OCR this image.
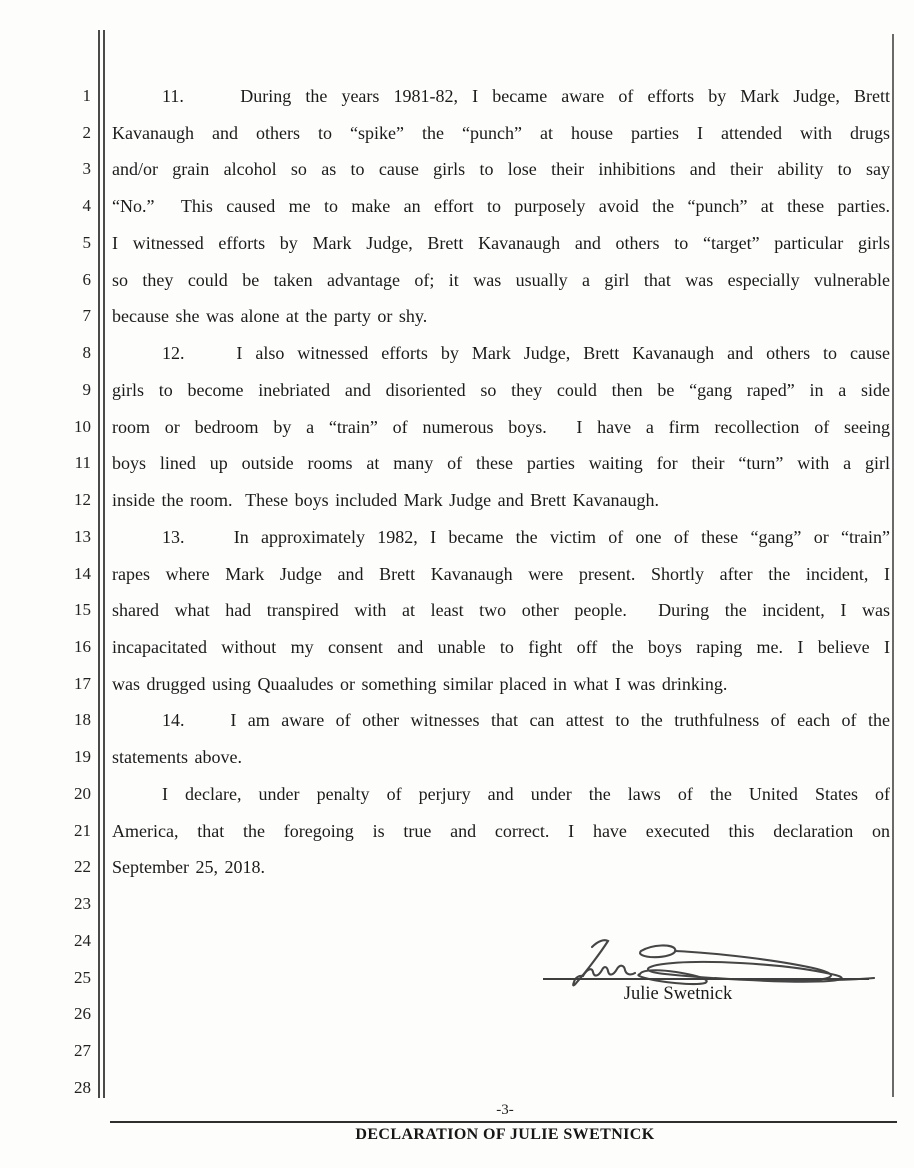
1
2
3
4
5
6
7
8
9
10
11
12
13
14
15
16
17
18
19
20
21
22
23
24
25
26
27
28
11.    During the years 1981-82, I became aware of efforts by Mark Judge, Brett
Kavanaugh and others to “spike” the “punch” at house parties I attended with drugs
and/or grain alcohol so as to cause girls to lose their inhibitions and their ability to say
“No.”  This caused me to make an effort to purposely avoid the “punch” at these parties.
I witnessed efforts by Mark Judge, Brett Kavanaugh and others to “target” particular girls
so they could be taken advantage of; it was usually a girl that was especially vulnerable
because she was alone at the party or shy.
12.    I also witnessed efforts by Mark Judge, Brett Kavanaugh and others to cause
girls to become inebriated and disoriented so they could then be “gang raped” in a side
room or bedroom by a “train” of numerous boys.  I have a firm recollection of seeing
boys lined up outside rooms at many of these parties waiting for their “turn” with a girl
inside the room.  These boys included Mark Judge and Brett Kavanaugh.
13.    In approximately 1982, I became the victim of one of these “gang” or “train”
rapes where Mark Judge and Brett Kavanaugh were present. Shortly after the incident, I
shared what had transpired with at least two other people.  During the incident, I was
incapacitated without my consent and unable to fight off the boys raping me. I believe I
was drugged using Quaaludes or something similar placed in what I was drinking.
14.    I am aware of other witnesses that can attest to the truthfulness of each of the
statements above.
I declare, under penalty of perjury and under the laws of the United States of
America, that the foregoing is true and correct. I have executed this declaration on
September 25, 2018.
Julie Swetnick
-3-
DECLARATION OF JULIE SWETNICK
